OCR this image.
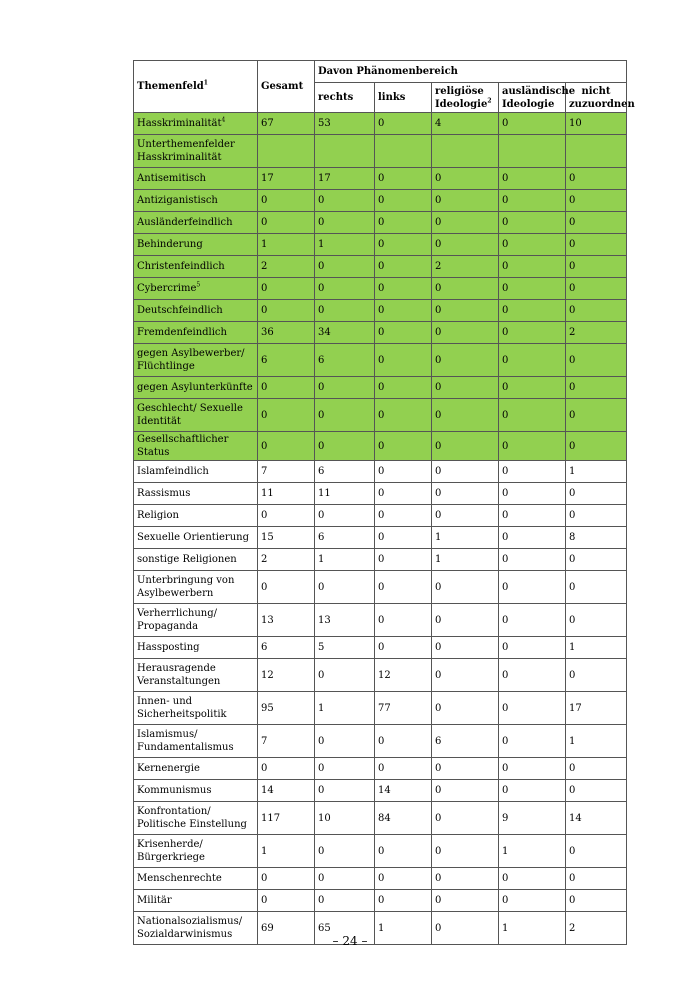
Themenfeld$^1$	Gesamt	Davon Phänomenbereich				
		rechts	links	religiöse Ideologie$^2$	ausländische Ideologie	nicht zuzuordnen
Hasskriminalität$^4$	67	53	0	4	0	10
Unterthemenfelder Hasskriminalität						
Antisemitisch	17	17	0	0	0	0
Antiziganistisch	0	0	0	0	0	0
Ausländerfeindlich	0	0	0	0	0	0
Behinderung	1	1	0	0	0	0
Christenfeindlich	2	0	0	2	0	0
Cybercrime$^5$	0	0	0	0	0	0
Deutschfeindlich	0	0	0	0	0	0
Fremdenfeindlich	36	34	0	0	0	2
gegen Asylbewerber/ Flüchtlinge	6	6	0	0	0	0
gegen Asylunterkünfte	0	0	0	0	0	0
Geschlecht/ Sexuelle Identität	0	0	0	0	0	0
Gesellschaftlicher Status	0	0	0	0	0	0
Islamfeindlich	7	6	0	0	0	1
Rassismus	11	11	0	0	0	0
Religion	0	0	0	0	0	0
Sexuelle Orientierung	15	6	0	1	0	8
sonstige Religionen	2	1	0	1	0	0
Unterbringung von Asylbewerbern	0	0	0	0	0	0
Verherrlichung/ Propaganda	13	13	0	0	0	0
Hassposting	6	5	0	0	0	1
Herausragende Veranstaltungen	12	0	12	0	0	0
Innen- und Sicherheitspolitik	95	1	77	0	0	17
Islamismus/ Fundamentalismus	7	0	0	6	0	1
Kernenergie	0	0	0	0	0	0
Kommunismus	14	0	14	0	0	0
Konfrontation/ Politische Einstellung	117	10	84	0	9	14
Krisenherde/ Bürgerkriege	1	0	0	0	1	0
Menschenrechte	0	0	0	0	0	0
Militär	0	0	0	0	0	0
Nationalsozialismus/ Sozialdarwinismus	69	65	1	0	1	2
– 24 –
